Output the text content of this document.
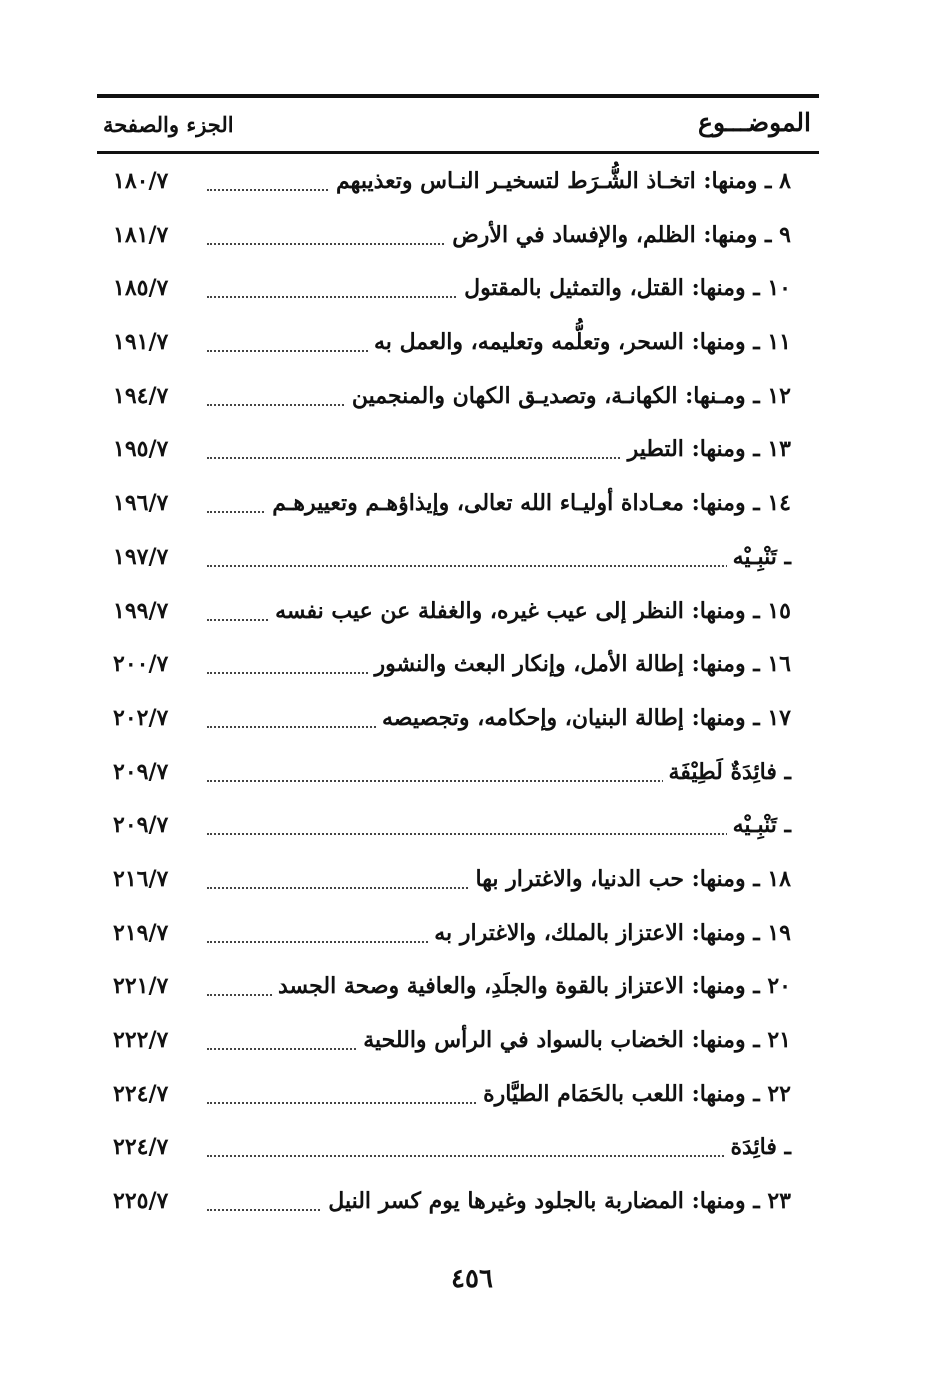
الموضـــوع
الجزء والصفحة
٨ ـ ومنها: اتخـاذ الشُّـرَط لتسخيـر النـاس وتعذيبهم
١٨٠/٧
٩ ـ ومنها: الظلم، والإفساد في الأرض
١٨١/٧
١٠ ـ ومنها: القتل، والتمثيل بالمقتول
١٨٥/٧
١١ ـ ومنها: السحر، وتعلُّمه وتعليمه، والعمل به
١٩١/٧
١٢ ـ ومـنها: الكهانـة، وتصديـق الكهان والمنجمين
١٩٤/٧
١٣ ـ ومنها: التطير
١٩٥/٧
١٤ ـ ومنها: معـاداة أوليـاء الله تعالى، وإيذاؤهـم وتعييرهـم
١٩٦/٧
ـ تَنْبِـيْه
١٩٧/٧
١٥ ـ ومنها: النظر إلى عيب غيره، والغفلة عن عيب نفسه
١٩٩/٧
١٦ ـ ومنها: إطالة الأمل، وإنكار البعث والنشور
٢٠٠/٧
١٧ ـ ومنها: إطالة البنيان، وإحكامه، وتجصيصه
٢٠٢/٧
ـ فائِدَةٌ لَطِيْفَة
٢٠٩/٧
ـ تَنْبِـيْه
٢٠٩/٧
١٨ ـ ومنها: حب الدنيا، والاغترار بها
٢١٦/٧
١٩ ـ ومنها: الاعتزاز بالملك، والاغترار به
٢١٩/٧
٢٠ ـ ومنها: الاعتزاز بالقوة والجلَدِ، والعافية وصحة الجسد
٢٢١/٧
٢١ ـ ومنها: الخضاب بالسواد في الرأس واللحية
٢٢٢/٧
٢٢ ـ ومنها: اللعب بالحَمَام الطيَّارة
٢٢٤/٧
ـ فائِدَة
٢٢٤/٧
٢٣ ـ ومنها: المضاربة بالجلود وغيرها يوم كسر النيل
٢٢٥/٧
٤٥٦
